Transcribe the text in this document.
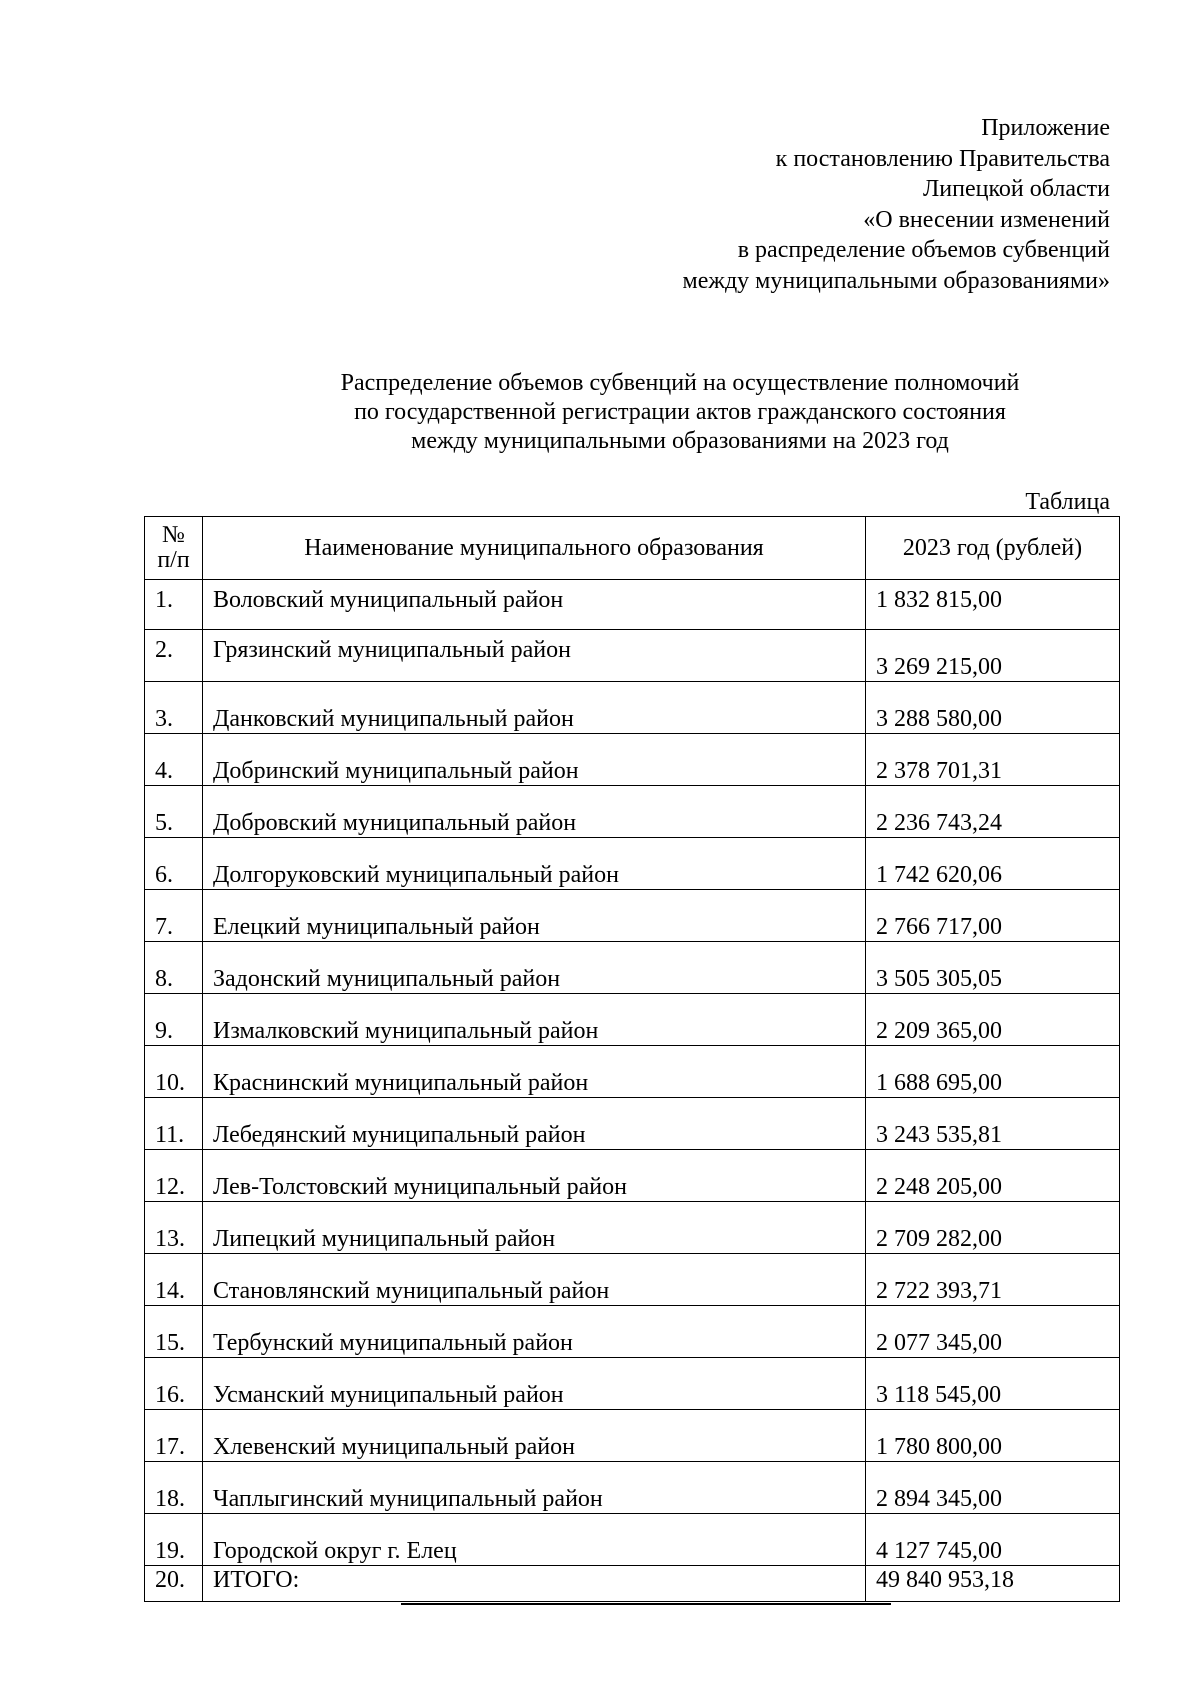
Приложение
к постановлению Правительства
Липецкой области
«О внесении изменений
в распределение объемов субвенций
между муниципальными образованиями»
Распределение объемов субвенций на осуществление полномочий
по государственной регистрации актов гражданского состояния
между муниципальными образованиями на 2023 год
Таблица
№
п/п	Наименование муниципального образования	2023 год (рублей)

1.	Воловский муниципальный район	1 832 815,00

2.	Грязинский муниципальный район	3 269 215,00

3.	Данковский муниципальный район	3 288 580,00

4.	Добринский муниципальный район	2 378 701,31

5.	Добровский муниципальный район	2 236 743,24

6.	Долгоруковский муниципальный район	1 742 620,06

7.	Елецкий муниципальный район	2 766 717,00

8.	Задонский муниципальный район	3 505 305,05

9.	Измалковский муниципальный район	2 209 365,00

10.	Краснинский муниципальный район	1 688 695,00

11.	Лебедянский муниципальный район	3 243 535,81

12.	Лев-Толстовский муниципальный район	2 248 205,00

13.	Липецкий муниципальный район	2 709 282,00

14.	Становлянский муниципальный район	2 722 393,71

15.	Тербунский муниципальный район	2 077 345,00

16.	Усманский муниципальный район	3 118 545,00

17.	Хлевенский муниципальный район	1 780 800,00

18.	Чаплыгинский муниципальный район	2 894 345,00

19.	Городской округ г. Елец	4 127 745,00

20.	ИТОГО:	49 840 953,18
